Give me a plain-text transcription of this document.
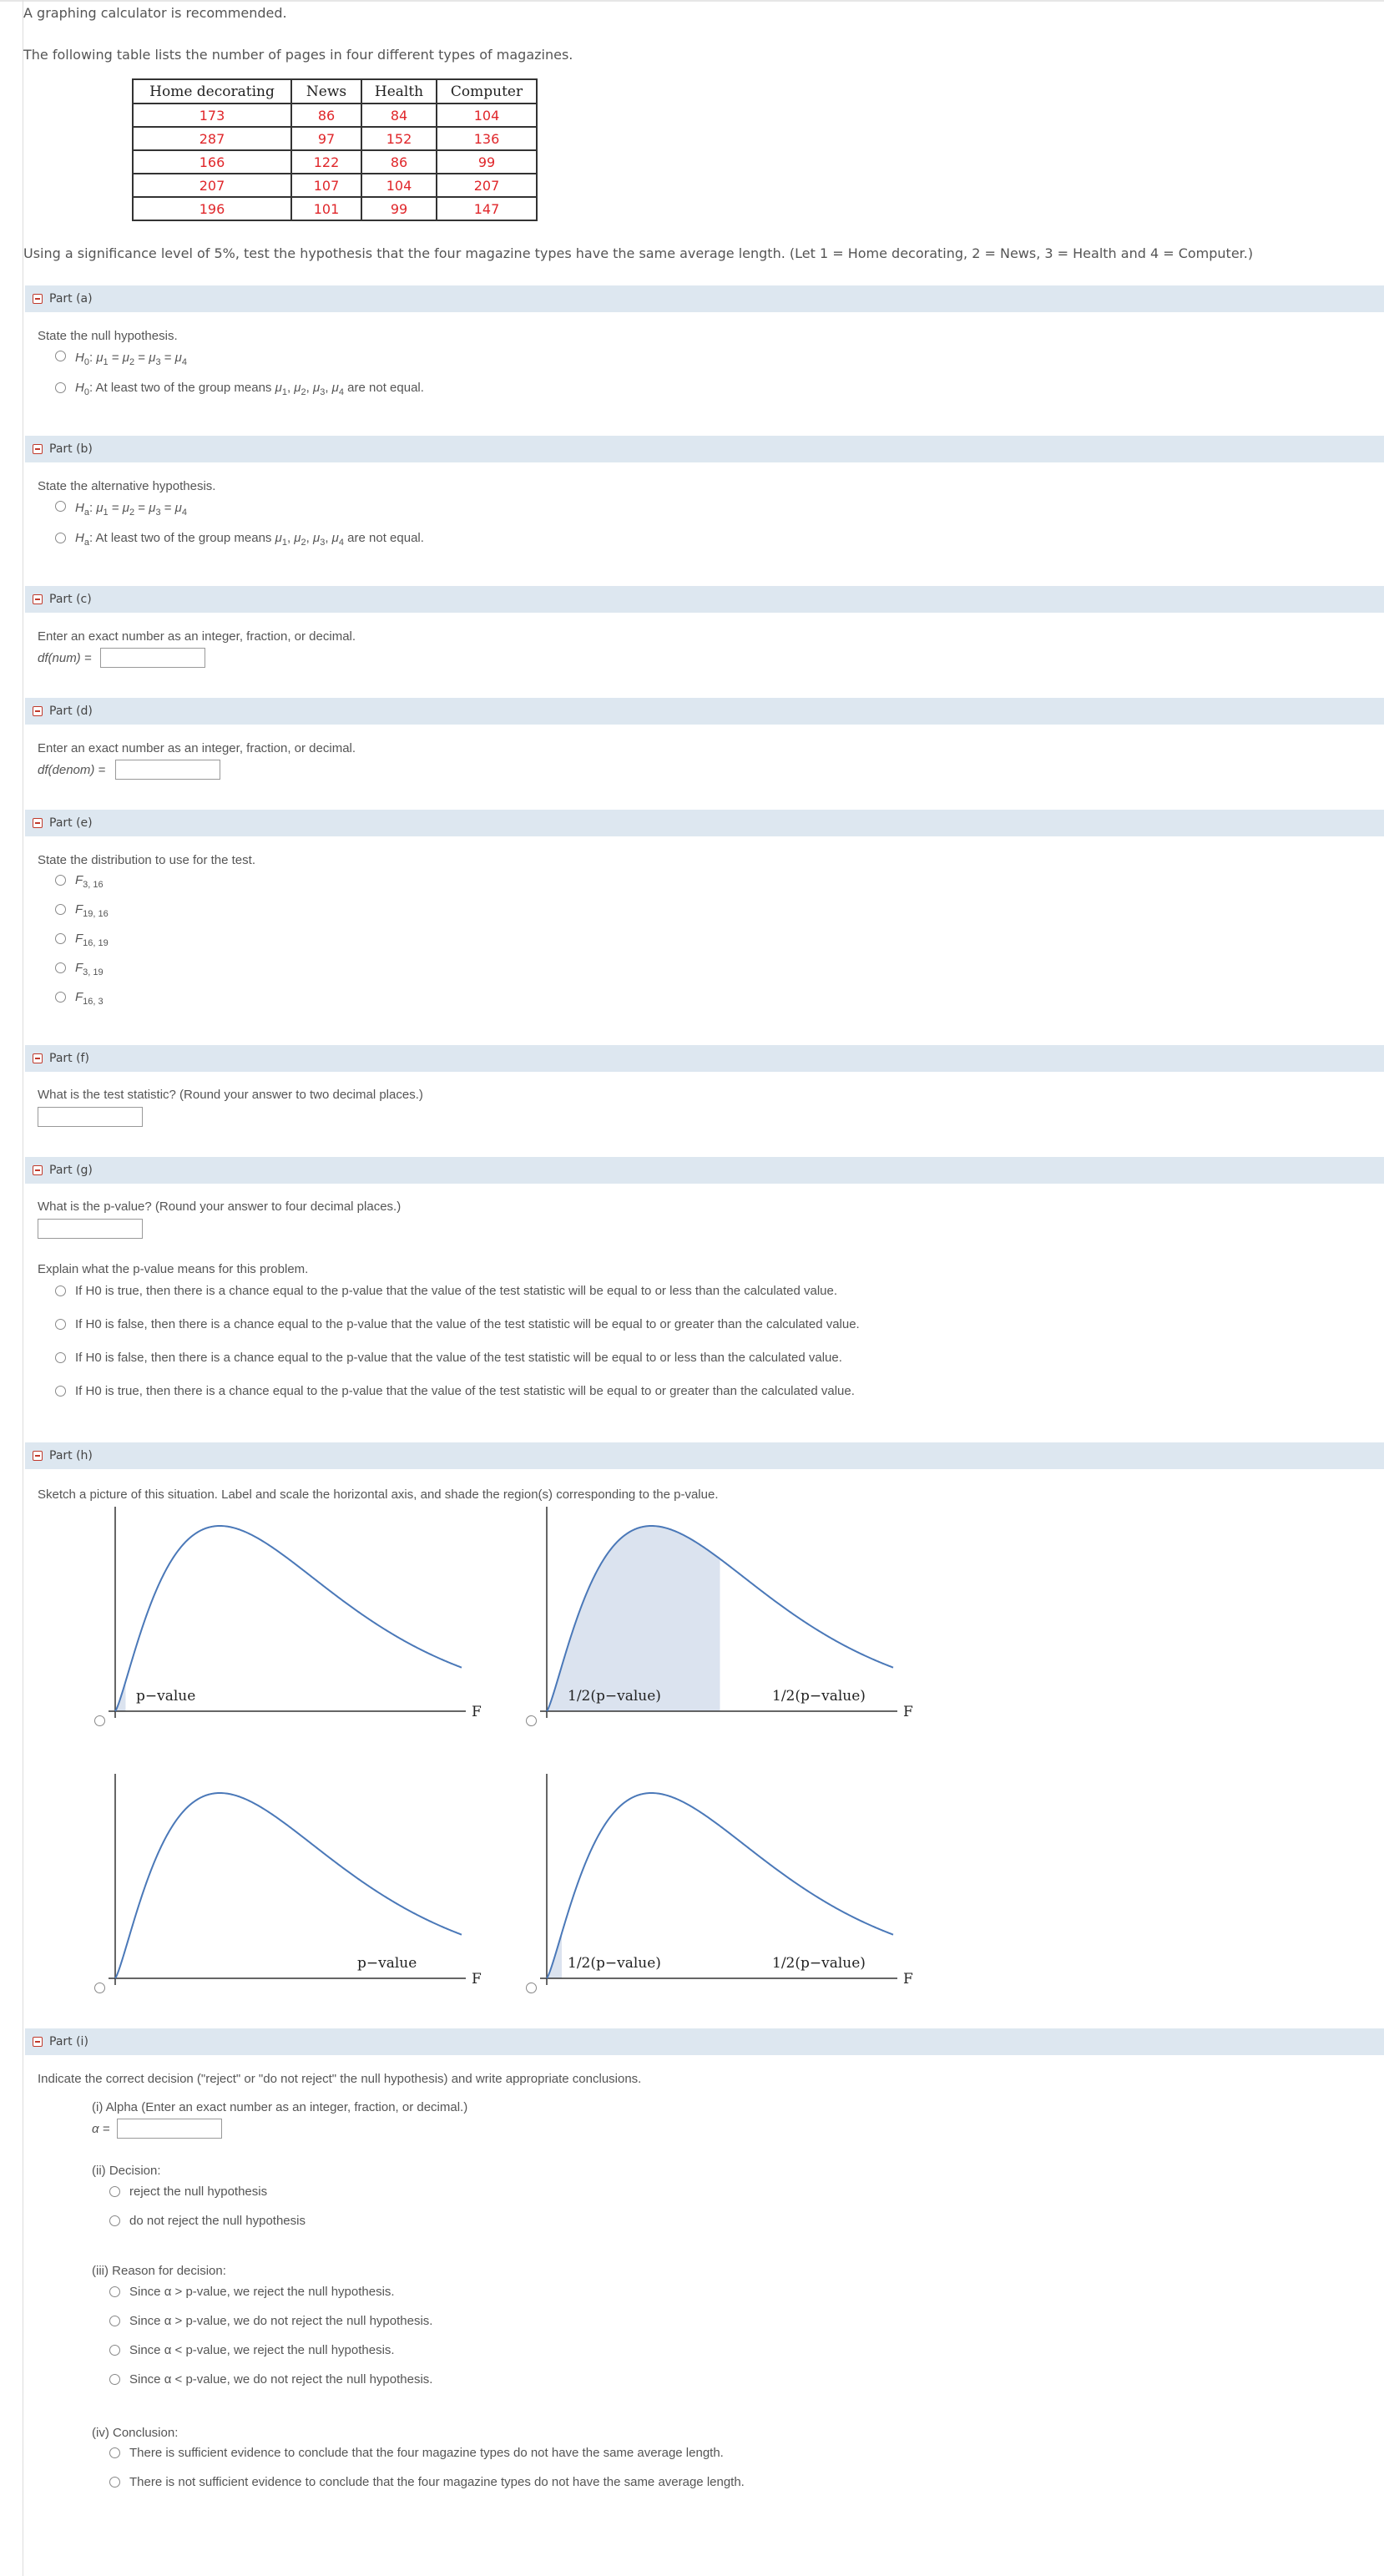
A graphing calculator is recommended.
The following table lists the number of pages in four different types of magazines.
Home decorating	News	Health	Computer
173	86	84	104
287	97	152	136
166	122	86	99
207	107	104	207
196	101	99	147
Using a significance level of 5%, test the hypothesis that the four magazine types have the same average length. (Let 1 = Home decorating, 2 = News, 3 = Health and 4 = Computer.)
Part (a)
State the null hypothesis.
$H_0$: $\mu_1 = \mu_2 = \mu_3 = \mu_4$
$H_0$: At least two of the group means $\mu_1$, $\mu_2$, $\mu_3$, $\mu_4$ are not equal.
Part (b)
State the alternative hypothesis.
$H_a$: $\mu_1 = \mu_2 = \mu_3 = \mu_4$
$H_a$: At least two of the group means $\mu_1$, $\mu_2$, $\mu_3$, $\mu_4$ are not equal.
Part (c)
Enter an exact number as an integer, fraction, or decimal.
df(num) =
Part (d)
Enter an exact number as an integer, fraction, or decimal.
df(denom) =
Part (e)
State the distribution to use for the test.
$F_{3, 16}$
$F_{19, 16}$
$F_{16, 19}$
$F_{3, 19}$
$F_{16, 3}$
Part (f)
What is the test statistic? (Round your answer to two decimal places.)
Part (g)
What is the p-value? (Round your answer to four decimal places.)
Explain what the p-value means for this problem.
If H0 is true, then there is a chance equal to the p-value that the value of the test statistic will be equal to or less than the calculated value.
If H0 is false, then there is a chance equal to the p-value that the value of the test statistic will be equal to or greater than the calculated value.
If H0 is false, then there is a chance equal to the p-value that the value of the test statistic will be equal to or less than the calculated value.
If H0 is true, then there is a chance equal to the p-value that the value of the test statistic will be equal to or greater than the calculated value.
Part (h)
Sketch a picture of this situation. Label and scale the horizontal axis, and shade the region(s) corresponding to the p-value.
F
p−value
F
1/2(p−value)	1/2(p−value)
F
p−value
F
1/2(p−value)	1/2(p−value)
Part (i)
Indicate the correct decision ("reject" or "do not reject" the null hypothesis) and write appropriate conclusions.
(i) Alpha (Enter an exact number as an integer, fraction, or decimal.)
α =
(ii) Decision:
reject the null hypothesis
do not reject the null hypothesis
(iii) Reason for decision:
Since α > p-value, we reject the null hypothesis.
Since α > p-value, we do not reject the null hypothesis.
Since α < p-value, we reject the null hypothesis.
Since α < p-value, we do not reject the null hypothesis.
(iv) Conclusion:
There is sufficient evidence to conclude that the four magazine types do not have the same average length.
There is not sufficient evidence to conclude that the four magazine types do not have the same average length.
